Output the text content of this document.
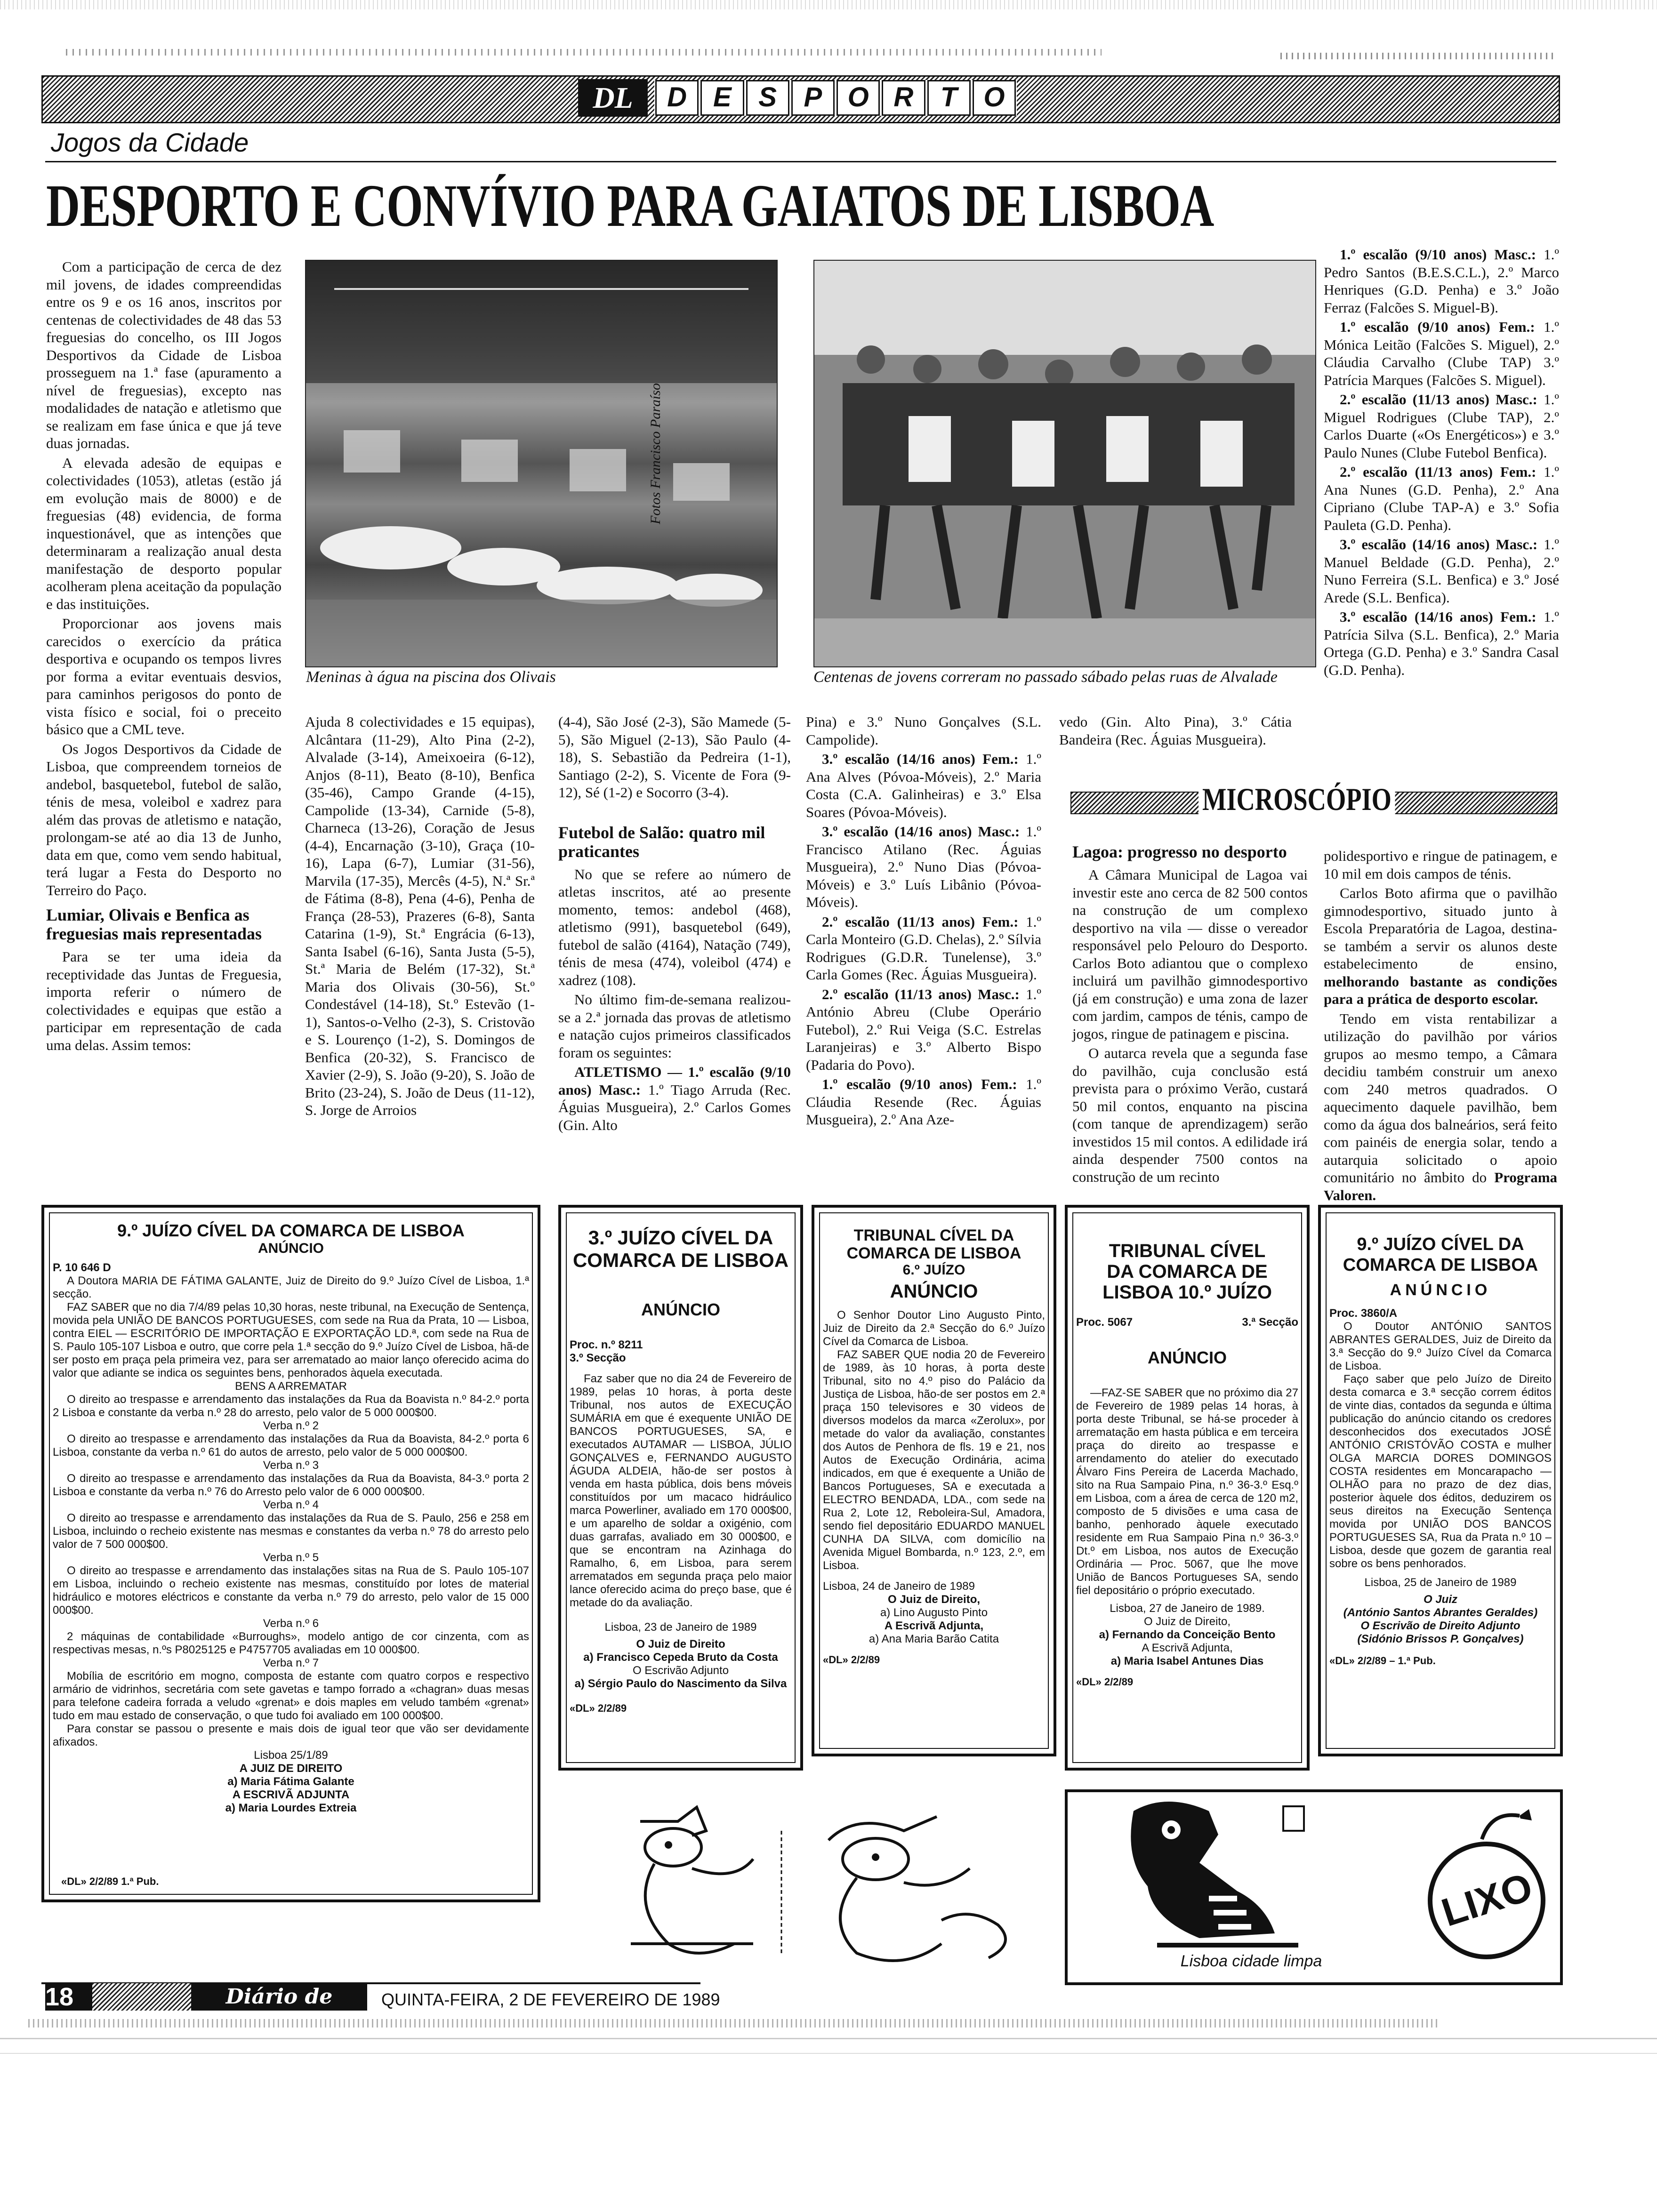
DL	D E S P O R T O
Jogos da Cidade
DESPORTO E CONVÍVIO PARA GAIATOS DE LISBOA

Com a participação de cerca de dez mil jovens, de idades compreendidas entre os 9 e os 16 anos, inscritos por centenas de colectividades de 48 das 53 freguesias do concelho, os III Jogos Desportivos da Cidade de Lisboa prosseguem na 1.ª fase (apuramento a nível de freguesias), excepto nas modalidades de natação e atletismo que se realizam em fase única e que já teve duas jornadas.

A elevada adesão de equipas e colectividades (1053), atletas (estão já em evolução mais de 8000) e de freguesias (48) evidencia, de forma inquestionável, que as intenções que determinaram a realização anual desta manifestação de desporto popular acolheram plena aceitação da população e das instituições.

Proporcionar aos jovens mais carecidos o exercício da prática desportiva e ocupando os tempos livres por forma a evitar eventuais desvios, para caminhos perigosos do ponto de vista físico e social, foi o preceito básico que a CML teve.

Os Jogos Desportivos da Cidade de Lisboa, que compreendem torneios de andebol, basquetebol, futebol de salão, ténis de mesa, voleibol e xadrez para além das provas de atletismo e natação, prolongam-se até ao dia 13 de Junho, data em que, como vem sendo habitual, terá lugar a Festa do Desporto no Terreiro do Paço.

Lumiar, Olivais e Benfica as freguesias mais representadas

Para se ter uma ideia da receptividade das Juntas de Freguesia, importa referir o número de colectividades e equipas que estão a participar em representação de cada uma delas. Assim temos:

Fotos Francisco Paraíso
Meninas à água na piscina dos Olivais	Centenas de jovens correram no passado sábado pelas ruas de Alvalade

Ajuda 8 colectividades e 15 equipas), Alcântara (11-29), Alto Pina (2-2), Alvalade (3-14), Ameixoeira (6-12), Anjos (8-11), Beato (8-10), Benfica (35-46), Campo Grande (4-15), Campolide (13-34), Carnide (5-8), Charneca (13-26), Coração de Jesus (4-4), Encarnação (3-10), Graça (10-16), Lapa (6-7), Lumiar (31-56), Marvila (17-35), Mercês (4-5), N.ª Sr.ª de Fátima (8-8), Pena (4-6), Penha de França (28-53), Prazeres (6-8), Santa Catarina (1-9), St.ª Engrácia (6-13), Santa Isabel (6-16), Santa Justa (5-5), St.ª Maria de Belém (17-32), St.ª Maria dos Olivais (30-56), St.º Condestável (14-18), St.º Estevão (1-1), Santos-o-Velho (2-3), S. Cristovão e S. Lourenço (1-2), S. Domingos de Benfica (20-32), S. Francisco de Xavier (2-9), S. João (9-20), S. João de Brito (23-24), S. João de Deus (11-12), S. Jorge de Arroios

(4-4), São José (2-3), São Mamede (5-5), São Miguel (2-13), São Paulo (4-18), S. Sebastião da Pedreira (1-1), Santiago (2-2), S. Vicente de Fora (9-12), Sé (1-2) e Socorro (3-4).

Futebol de Salão: quatro mil praticantes

No que se refere ao número de atletas inscritos, até ao presente momento, temos: andebol (468), atletismo (991), basquetebol (649), futebol de salão (4164), Natação (749), ténis de mesa (474), voleibol (474) e xadrez (108).

No último fim-de-semana realizou-se a 2.ª jornada das provas de atletismo e natação cujos primeiros classificados foram os seguintes:

ATLETISMO — 1.º escalão (9/10 anos) Masc.: 1.º Tiago Arruda (Rec. Águias Musgueira), 2.º Carlos Gomes (Gin. Alto

Pina) e 3.º Nuno Gonçalves (S.L. Campolide).

3.º escalão (14/16 anos) Fem.: 1.º Ana Alves (Póvoa-Móveis), 2.º Maria Costa (C.A. Galinheiras) e 3.º Elsa Soares (Póvoa-Móveis).

3.º escalão (14/16 anos) Masc.: 1.º Francisco Atilano (Rec. Águias Musgueira), 2.º Nuno Dias (Póvoa-Móveis) e 3.º Luís Libânio (Póvoa-Móveis).

2.º escalão (11/13 anos) Fem.: 1.º Carla Monteiro (G.D. Chelas), 2.º Sílvia Rodrigues (G.D.R. Tunelense), 3.º Carla Gomes (Rec. Águias Musgueira).

2.º escalão (11/13 anos) Masc.: 1.º António Abreu (Clube Operário Futebol), 2.º Rui Veiga (S.C. Estrelas Laranjeiras) e 3.º Alberto Bispo (Padaria do Povo).

1.º escalão (9/10 anos) Fem.: 1.º Cláudia Resende (Rec. Águias Musgueira), 2.º Ana Aze-

vedo (Gin. Alto Pina), 3.º Cátia Bandeira (Rec. Águias Musgueira).

1.º escalão (9/10 anos) Masc.: 1.º Pedro Santos (B.E.S.C.L.), 2.º Marco Henriques (G.D. Penha) e 3.º João Ferraz (Falcões S. Miguel-B).

1.º escalão (9/10 anos) Fem.: 1.º Mónica Leitão (Falcões S. Miguel), 2.º Cláudia Carvalho (Clube TAP) 3.º Patrícia Marques (Falcões S. Miguel).

2.º escalão (11/13 anos) Masc.: 1.º Miguel Rodrigues (Clube TAP), 2.º Carlos Duarte («Os Energéticos») e 3.º Paulo Nunes (Clube Futebol Benfica).

2.º escalão (11/13 anos) Fem.: 1.º Ana Nunes (G.D. Penha), 2.º Ana Cipriano (Clube TAP-A) e 3.º Sofia Pauleta (G.D. Penha).

3.º escalão (14/16 anos) Masc.: 1.º Manuel Beldade (G.D. Penha), 2.º Nuno Ferreira (S.L. Benfica) e 3.º José Arede (S.L. Benfica).

3.º escalão (14/16 anos) Fem.: 1.º Patrícia Silva (S.L. Benfica), 2.º Maria Ortega (G.D. Penha) e 3.º Sandra Casal (G.D. Penha).

MICROSCÓPIO
Lagoa: progresso no desporto

A Câmara Municipal de Lagoa vai investir este ano cerca de 82 500 contos na construção de um complexo desportivo na vila — disse o vereador responsável pelo Pelouro do Desporto. Carlos Boto adiantou que o complexo incluirá um pavilhão gimnodesportivo (já em construção) e uma zona de lazer com jardim, campos de ténis, campo de jogos, ringue de patinagem e piscina.

O autarca revela que a segunda fase do pavilhão, cuja conclusão está prevista para o próximo Verão, custará 50 mil contos, enquanto na piscina (com tanque de aprendizagem) serão investidos 15 mil contos. A edilidade irá ainda despender 7500 contos na construção de um recinto

polidesportivo e ringue de patinagem, e 10 mil em dois campos de ténis.

Carlos Boto afirma que o pavilhão gimnodesportivo, situado junto à Escola Preparatória de Lagoa, destina-se também a servir os alunos deste estabelecimento de ensino, melhorando bastante as condições para a prática de desporto escolar.

Tendo em vista rentabilizar a utilização do pavilhão por vários grupos ao mesmo tempo, a Câmara decidiu também construir um anexo com 240 metros quadrados. O aquecimento daquele pavilhão, bem como da água dos balneários, será feito com painéis de energia solar, tendo a autarquia solicitado o apoio comunitário no âmbito do Programa Valoren.

9.º JUÍZO CÍVEL DA COMARCA DE LISBOA
ANÚNCIO

P. 10 646 D

A Doutora MARIA DE FÁTIMA GALANTE, Juiz de Direito do 9.º Juízo Cível de Lisboa, 1.ª secção.

FAZ SABER que no dia 7/4/89 pelas 10,30 horas, neste tribunal, na Execução de Sentença, movida pela UNIÃO DE BANCOS PORTUGUESES, com sede na Rua da Prata, 10 — Lisboa, contra EIEL — ESCRITÓRIO DE IMPORTAÇÃO E EXPORTAÇÃO LD.ª, com sede na Rua de S. Paulo 105-107 Lisboa e outro, que corre pela 1.ª secção do 9.º Juízo Cível de Lisboa, hã-de ser posto em praça pela primeira vez, para ser arrematado ao maior lanço oferecido acima do valor que adiante se indica os seguintes bens, penhorados àquela executada.

BENS A ARREMATAR

O direito ao trespasse e arrendamento das instalações da Rua da Boavista n.º 84-2.º porta 2 Lisboa e constante da verba n.º 28 do arresto, pelo valor de 5 000 000$00.

Verba n.º 2

O direito ao trespasse e arrendamento das instalações da Rua da Boavista, 84-2.º porta 6 Lisboa, constante da verba n.º 61 do autos de arresto, pelo valor de 5 000 000$00.

Verba n.º 3

O direito ao trespasse e arrendamento das instalações da Rua da Boavista, 84-3.º porta 2 Lisboa e constante da verba n.º 76 do Arresto pelo valor de 6 000 000$00.

Verba n.º 4

O direito ao trespasse e arrendamento das instalações da Rua de S. Paulo, 256 e 258 em Lisboa, incluindo o recheio existente nas mesmas e constantes da verba n.º 78 do arresto pelo valor de 7 500 000$00.

Verba n.º 5

O direito ao trespasse e arrendamento das instalações sitas na Rua de S. Paulo 105-107 em Lisboa, incluindo o recheio existente nas mesmas, constituído por lotes de material hidráulico e motores eléctricos e constante da verba n.º 79 do arresto, pelo valor de 15 000 000$00.

Verba n.º 6

2 máquinas de contabilidade «Burroughs», modelo antigo de cor cinzenta, com as respectivas mesas, n.ºs P8025125 e P4757705 avaliadas em 10 000$00.

Verba n.º 7

Mobília de escritório em mogno, composta de estante com quatro corpos e respectivo armário de vidrinhos, secretária com sete gavetas e tampo forrado a «chagran» duas mesas para telefone cadeira forrada a veludo «grenat» e dois maples em veludo também «grenat» tudo em mau estado de conservação, o que tudo foi avaliado em 100 000$00.

Para constar se passou o presente e mais dois de igual teor que vão ser devidamente afixados.

Lisboa 25/1/89
A JUIZ DE DIREITO
a) Maria Fátima Galante
A ESCRIVÃ ADJUNTA
a) Maria Lourdes Extreia
«DL» 2/2/89 1.ª Pub.
3.º JUÍZO CÍVEL DA COMARCA DE LISBOA
ANÚNCIO

Proc. n.º 8211

3.º Secção

Faz saber que no dia 24 de Fevereiro de 1989, pelas 10 horas, à porta deste Tribunal, nos autos de EXECUÇÃO SUMÁRIA em que é exequente UNIÃO DE BANCOS PORTUGUESES, SA, e executados AUTAMAR — LISBOA, JÚLIO GONÇALVES e, FERNANDO AUGUSTO ÁGUDA ALDEIA, hão-de ser postos à venda em hasta pública, dois bens móveis constituídos por um macaco hidráulico marca Powerliner, avaliado em 170 000$00, e um aparelho de soldar a oxigénio, com duas garrafas, avaliado em 30 000$00, e que se encontram na Azinhaga do Ramalho, 6, em Lisboa, para serem arrematados em segunda praça pelo maior lance oferecido acima do preço base, que é metade do da avaliação.

Lisboa, 23 de Janeiro de 1989
O Juiz de Direito
a) Francisco Cepeda Bruto da Costa
O Escrivão Adjunto
a) Sérgio Paulo do Nascimento da Silva
«DL» 2/2/89
TRIBUNAL CÍVEL DA COMARCA DE LISBOA
6.º JUÍZO
ANÚNCIO

O Senhor Doutor Lino Augusto Pinto, Juiz de Direito da 2.ª Secção do 6.º Juízo Cível da Comarca de Lisboa.

FAZ SABER QUE nodia 20 de Fevereiro de 1989, às 10 horas, à porta deste Tribunal, sito no 4.º piso do Palácio da Justiça de Lisboa, hão-de ser postos em 2.ª praça 150 televisores e 30 videos de diversos modelos da marca «Zerolux», por metade do valor da avaliação, constantes dos Autos de Penhora de fls. 19 e 21, nos Autos de Execução Ordinária, acima indicados, em que é exequente a União de Bancos Portugueses, SA e executada a ELECTRO BENDADA, LDA., com sede na Rua 2, Lote 12, Reboleira-Sul, Amadora, sendo fiel depositário EDUARDO MANUEL CUNHA DA SILVA, com domicílio na Avenida Miguel Bombarda, n.º 123, 2.º, em Lisboa.

Lisboa, 24 de Janeiro de 1989
O Juiz de Direito,
a) Lino Augusto Pinto
A Escrivã Adjunta,
a) Ana Maria Barão Catita
«DL» 2/2/89
TRIBUNAL CÍVEL DA COMARCA DE LISBOA 10.º JUÍZO
Proc. 5067	3.ª Secção
ANÚNCIO

—FAZ-SE SABER que no próximo dia 27 de Fevereiro de 1989 pelas 14 horas, à porta deste Tribunal, se há-se proceder à arrematação em hasta pública e em terceira praça do direito ao trespasse e arrendamento do atelier do executado Álvaro Fins Pereira de Lacerda Machado, sito na Rua Sampaio Pina, n.º 36-3.º Esq.º em Lisboa, com a área de cerca de 120 m2, composto de 5 divisões e uma casa de banho, penhorado àquele executado residente em Rua Sampaio Pina n.º 36-3.º Dt.º em Lisboa, nos autos de Execução Ordinária — Proc. 5067, que lhe move União de Bancos Portugueses SA, sendo fiel depositário o próprio executado.

Lisboa, 27 de Janeiro de 1989.
O Juiz de Direito,
a) Fernando da Conceição Bento
A Escrivã Adjunta,
a) Maria Isabel Antunes Dias
«DL» 2/2/89
9.º JUÍZO CÍVEL DA COMARCA DE LISBOA
ANÚNCIO

Proc. 3860/A

O Doutor ANTÓNIO SANTOS ABRANTES GERALDES, Juiz de Direito da 3.ª Secção do 9.º Juízo Cível da Comarca de Lisboa.

Faço saber que pelo Juízo de Direito desta comarca e 3.ª secção correm éditos de vinte dias, contados da segunda e última publicação do anúncio citando os credores desconhecidos dos executados JOSÉ ANTÓNIO CRISTÓVÃO COSTA e mulher OLGA MARCIA DORES DOMINGOS COSTA residentes em Moncarapacho — OLHÃO para no prazo de dez dias, posterior àquele dos éditos, deduzirem os seus direitos na Execução Sentença movida por UNIÃO DOS BANCOS PORTUGUESES SA, Rua da Prata n.º 10 – Lisboa, desde que gozem de garantia real sobre os bens penhorados.

Lisboa, 25 de Janeiro de 1989
O Juiz
(António Santos Abrantes Geraldes)
O Escrivão de Direito Adjunto
(Sidónio Brissos P. Gonçalves)
«DL» 2/2/89 – 1.ª Pub.
LIXO
Lisboa cidade limpa
18	Diário de	QUINTA-FEIRA, 2 DE FEVEREIRO DE 1989
